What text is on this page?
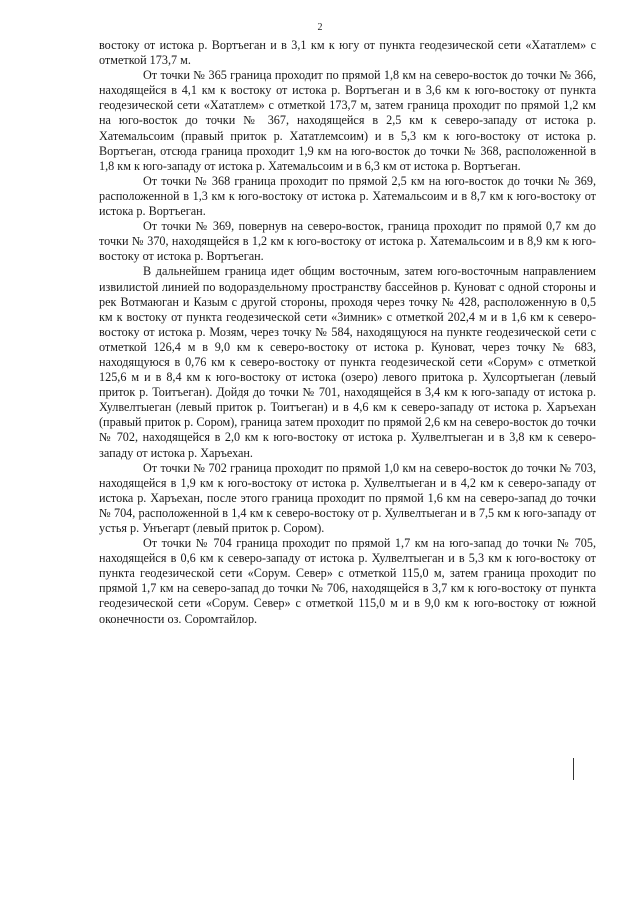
2

востоку от истока р. Вортъеган и в 3,1 км к югу от пункта геодезической сети «Хататлем» с отметкой 173,7 м.

От точки № 365 граница проходит по прямой 1,8 км на северо-восток до точки № 366, находящейся в 4,1 км к востоку от истока р. Вортъеган и в 3,6 км к юго-востоку от пункта геодезической сети «Хататлем» с отметкой 173,7 м, затем граница проходит по прямой 1,2 км на юго-восток до точки № 367, находящейся в 2,5 км к северо-западу от истока р. Хатемальсоим (правый приток р. Хататлемсоим) и в 5,3 км к юго-востоку от истока р. Вортъеган, отсюда граница проходит 1,9 км на юго-восток до точки № 368, расположенной в 1,8 км к юго-западу от истока р. Хатемальсоим и в 6,3 км от истока р. Вортъеган.

От точки № 368 граница проходит по прямой 2,5 км на юго-восток до точки № 369, расположенной в 1,3 км к юго-востоку от истока р. Хатемальсоим и в 8,7 км к юго-востоку от истока р. Вортъеган.

От точки № 369, повернув на северо-восток, граница проходит по прямой 0,7 км до точки № 370, находящейся в 1,2 км к юго-востоку от истока р. Хатемальсоим и в 8,9 км к юго-востоку от истока р. Вортъеган.

В дальнейшем граница идет общим восточным, затем юго-восточным направлением извилистой линией по водораздельному пространству бассейнов р. Куноват с одной стороны и рек Вотмаюган и Казым с другой стороны, проходя через точку № 428, расположенную в 0,5 км к востоку от пункта геодезической сети «Зимник» с отметкой 202,4 м и в 1,6 км к северо-востоку от истока р. Мозям, через точку № 584, находящуюся на пункте геодезической сети с отметкой 126,4 м в 9,0 км к северо-востоку от истока р. Куноват, через точку № 683, находящуюся в 0,76 км к северо-востоку от пункта геодезической сети «Сорум» с отметкой 125,6 м и в 8,4 км к юго-востоку от истока (озеро) левого притока р. Хулсортыеган (левый приток р. Тоитъеган). Дойдя до точки № 701, находящейся в 3,4 км к юго-западу от истока р. Хулвелтыеган (левый приток р. Тоитъеган) и в 4,6 км к северо-западу от истока р. Харъехан (правый приток р. Сором), граница затем проходит по прямой 2,6 км на северо-восток до точки № 702, находящейся в 2,0 км к юго-востоку от истока р. Хулвелтыеган и в 3,8 км к северо-западу от истока р. Харъехан.

От точки № 702 граница проходит по прямой 1,0 км на северо-восток до точки № 703, находящейся в 1,9 км к юго-востоку от истока р. Хулвелтыеган и в 4,2 км к северо-западу от истока р. Харъехан, после этого граница проходит по прямой 1,6 км на северо-запад до точки № 704, расположенной в 1,4 км к северо-востоку от р. Хулвелтыеган и в 7,5 км к юго-западу от устья р. Унъегарт (левый приток р. Сором).

От точки № 704 граница проходит по прямой 1,7 км на юго-запад до точки № 705, находящейся в 0,6 км к северо-западу от истока р. Хулвелтыеган и в 5,3 км к юго-востоку от пункта геодезической сети «Сорум. Север» с отметкой 115,0 м, затем граница проходит по прямой 1,7 км на северо-запад до точки № 706, находящейся в 3,7 км к юго-востоку от пункта геодезической сети «Сорум. Север» с отметкой 115,0 м и в 9,0 км к юго-востоку от южной оконечности оз. Соромтайлор.
